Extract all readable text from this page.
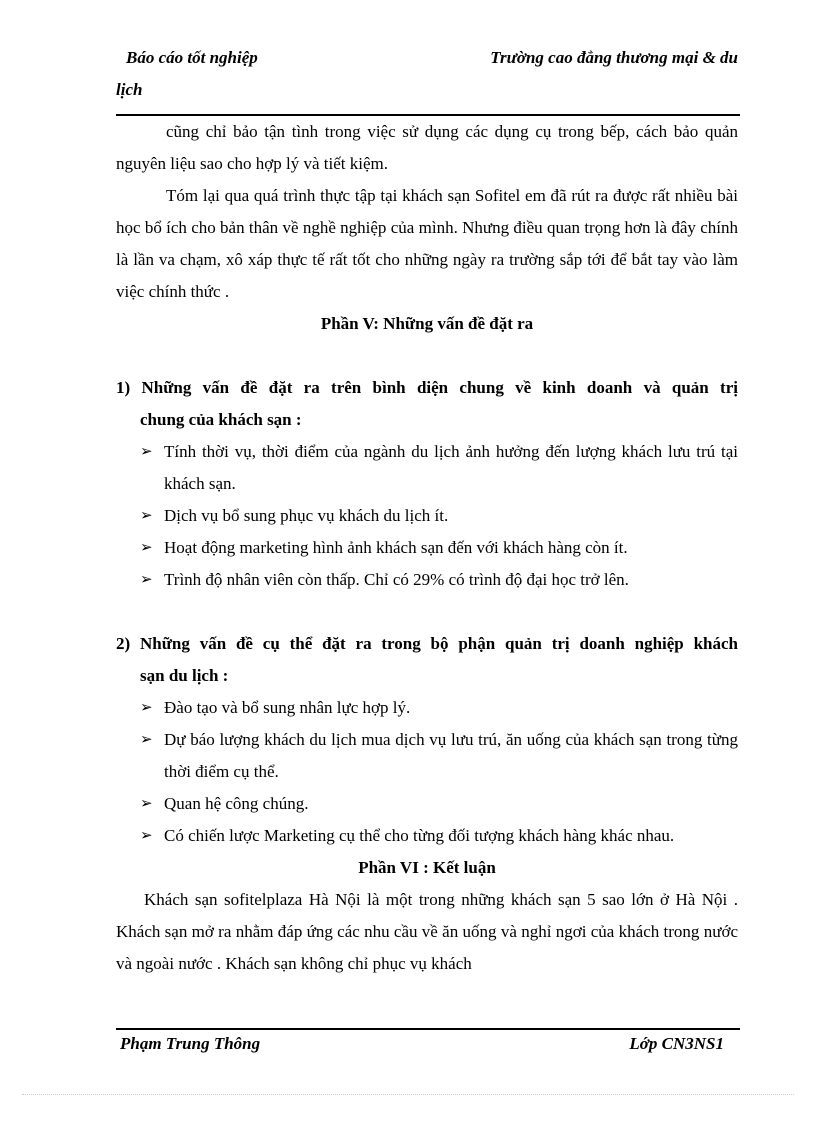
Báo cáo tốt nghiệp	Trường cao đẳng thương mại & du
lịch

cũng chỉ bảo tận tình trong việc sử dụng các dụng cụ trong bếp, cách bảo quản nguyên liệu sao cho hợp lý và tiết kiệm.

Tóm lại qua quá trình thực tập tại khách sạn Sofitel em đã rút ra được rất nhiều bài học bổ ích cho bản thân về nghề nghiệp của mình. Nhưng điều quan trọng hơn là đây chính là lần va chạm, xô xáp thực tế rất tốt cho những ngày ra trường sắp tới để bắt tay vào làm việc chính thức .

Phần V: Những vấn đề đặt ra

1) Những vấn đề đặt ra trên bình diện chung về kinh doanh và quản trị
chung của khách sạn :

➢ Tính thời vụ, thời điểm của ngành du lịch ảnh hưởng đến lượng khách lưu trú tại khách sạn.
➢ Dịch vụ bổ sung phục vụ khách du lịch ít.
➢ Hoạt động marketing hình ảnh khách sạn đến với khách hàng còn ít.
➢ Trình độ nhân viên còn thấp. Chỉ có 29% có trình độ đại học trở lên.

2) Những vấn đề cụ thể đặt ra trong bộ phận quản trị doanh nghiệp khách
sạn du lịch :

➢ Đào tạo và bổ sung nhân lực hợp lý.
➢ Dự báo lượng khách du lịch mua dịch vụ lưu trú, ăn uống của khách sạn trong từng thời điểm cụ thể.
➢ Quan hệ công chúng.
➢ Có chiến lược Marketing cụ thể cho từng đối tượng khách hàng khác nhau.

Phần VI : Kết luận

Khách sạn sofitelplaza Hà Nội là một trong những khách sạn 5 sao lớn ở Hà Nội . Khách sạn mở ra nhằm đáp ứng các nhu cầu về ăn uống và nghỉ ngơi của khách trong nước và ngoài nước . Khách sạn không chỉ phục vụ khách

Phạm Trung Thông	Lớp CN3NS1
